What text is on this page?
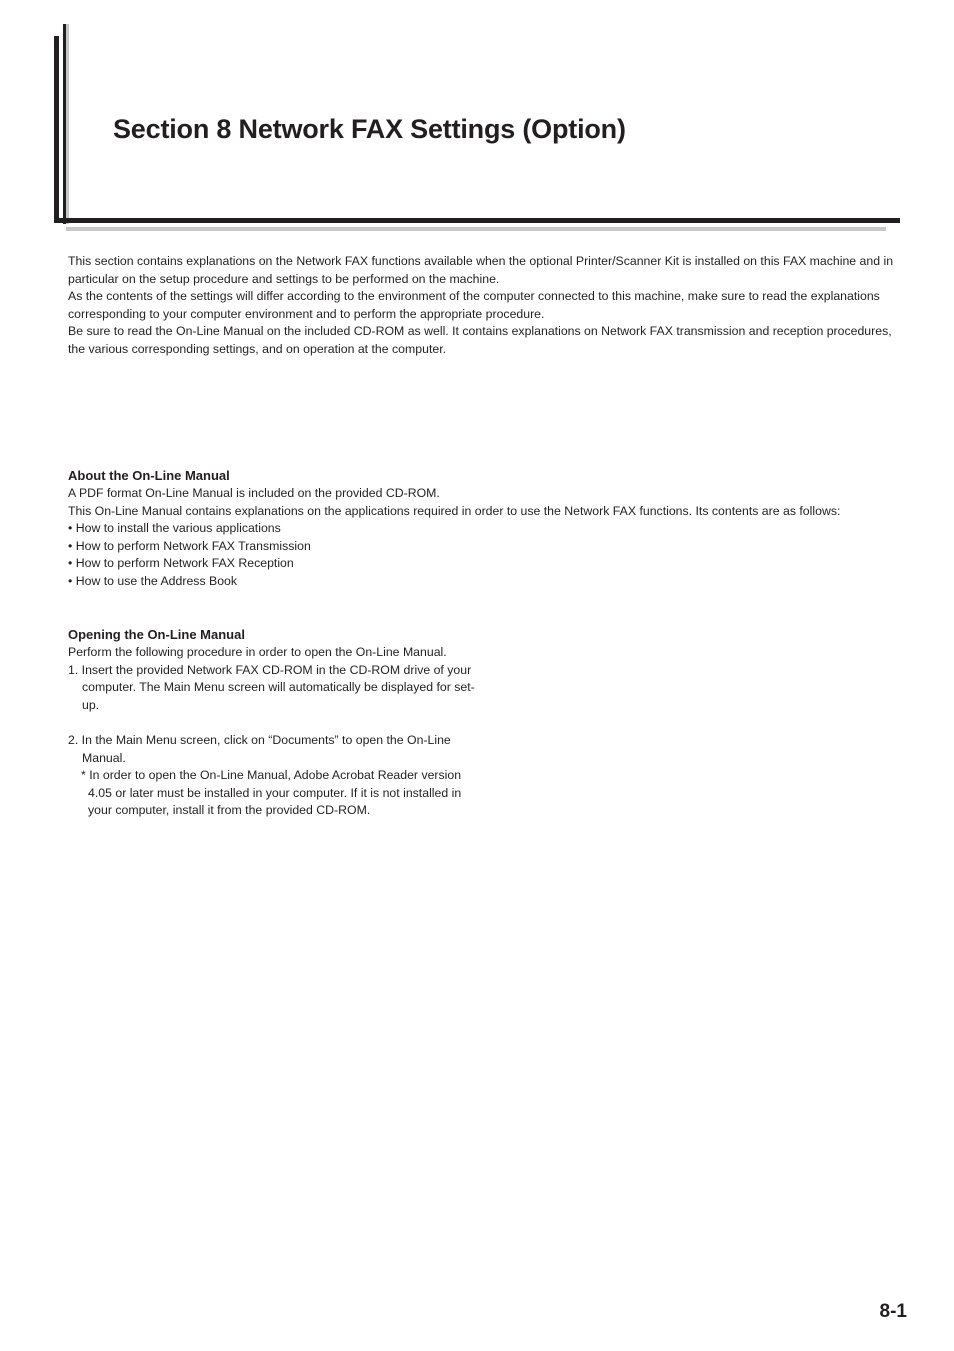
Section 8 Network FAX Settings (Option)

This section contains explanations on the Network FAX functions available when the optional Printer/Scanner Kit is installed on this FAX machine and in particular on the setup procedure and settings to be performed on the machine.

As the contents of the settings will differ according to the environment of the computer connected to this machine, make sure to read the explanations corresponding to your computer environment and to perform the appropriate procedure.

Be sure to read the On-Line Manual on the included CD-ROM as well. It contains explanations on Network FAX transmission and reception procedures, the various corresponding settings, and on operation at the computer.

About the On-Line Manual

A PDF format On-Line Manual is included on the provided CD-ROM.

This On-Line Manual contains explanations on the applications required in order to use the Network FAX functions. Its contents are as follows:

• How to install the various applications
• How to perform Network FAX Transmission
• How to perform Network FAX Reception
• How to use the Address Book
Opening the On-Line Manual

Perform the following procedure in order to open the On-Line Manual.

1. Insert the provided Network FAX CD-ROM in the CD-ROM drive of your computer. The Main Menu screen will automatically be displayed for set-up.

2. In the Main Menu screen, click on “Documents” to open the On-Line Manual.

* In order to open the On-Line Manual, Adobe Acrobat Reader version 4.05 or later must be installed in your computer. If it is not installed in your computer, install it from the provided CD-ROM.

8-1
